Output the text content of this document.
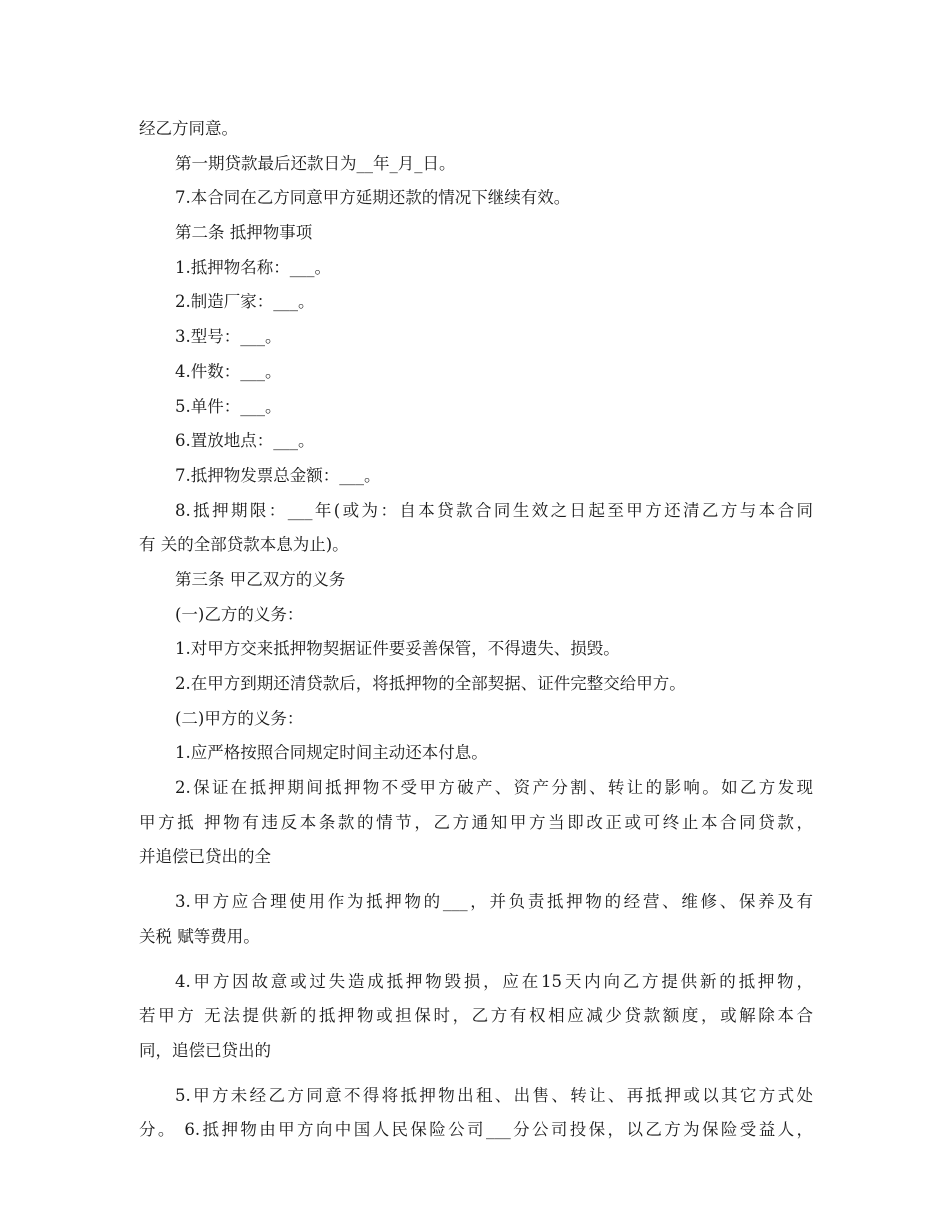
经乙方同意。
第一期贷款最后还款日为__年_月_日。
7.本合同在乙方同意甲方延期还款的情况下继续有效。
第二条 抵押物事项
1.抵押物名称：___。
2.制造厂家：___。
3.型号：___。
4.件数：___。
5.单件：___。
6.置放地点：___。
7.抵押物发票总金额：___。
8.抵押期限：___年(或为：自本贷款合同生效之日起至甲方还清乙方与本合同
有 关的全部贷款本息为止)。
第三条 甲乙双方的义务
(一)乙方的义务：
1.对甲方交来抵押物契据证件要妥善保管，不得遗失、损毁。
2.在甲方到期还清贷款后，将抵押物的全部契据、证件完整交给甲方。
(二)甲方的义务：
1.应严格按照合同规定时间主动还本付息。
2.保证在抵押期间抵押物不受甲方破产、资产分割、转让的影响。如乙方发现
甲方抵 押物有违反本条款的情节，乙方通知甲方当即改正或可终止本合同贷款，
并追偿已贷出的全
3.甲方应合理使用作为抵押物的___，并负责抵押物的经营、维修、保养及有
关税 赋等费用。
4.甲方因故意或过失造成抵押物毁损，应在15天内向乙方提供新的抵押物，
若甲方 无法提供新的抵押物或担保时，乙方有权相应减少贷款额度，或解除本合
同，追偿已贷出的
5.甲方未经乙方同意不得将抵押物出租、出售、转让、再抵押或以其它方式处
分。 6.抵押物由甲方向中国人民保险公司___分公司投保，以乙方为保险受益人，
